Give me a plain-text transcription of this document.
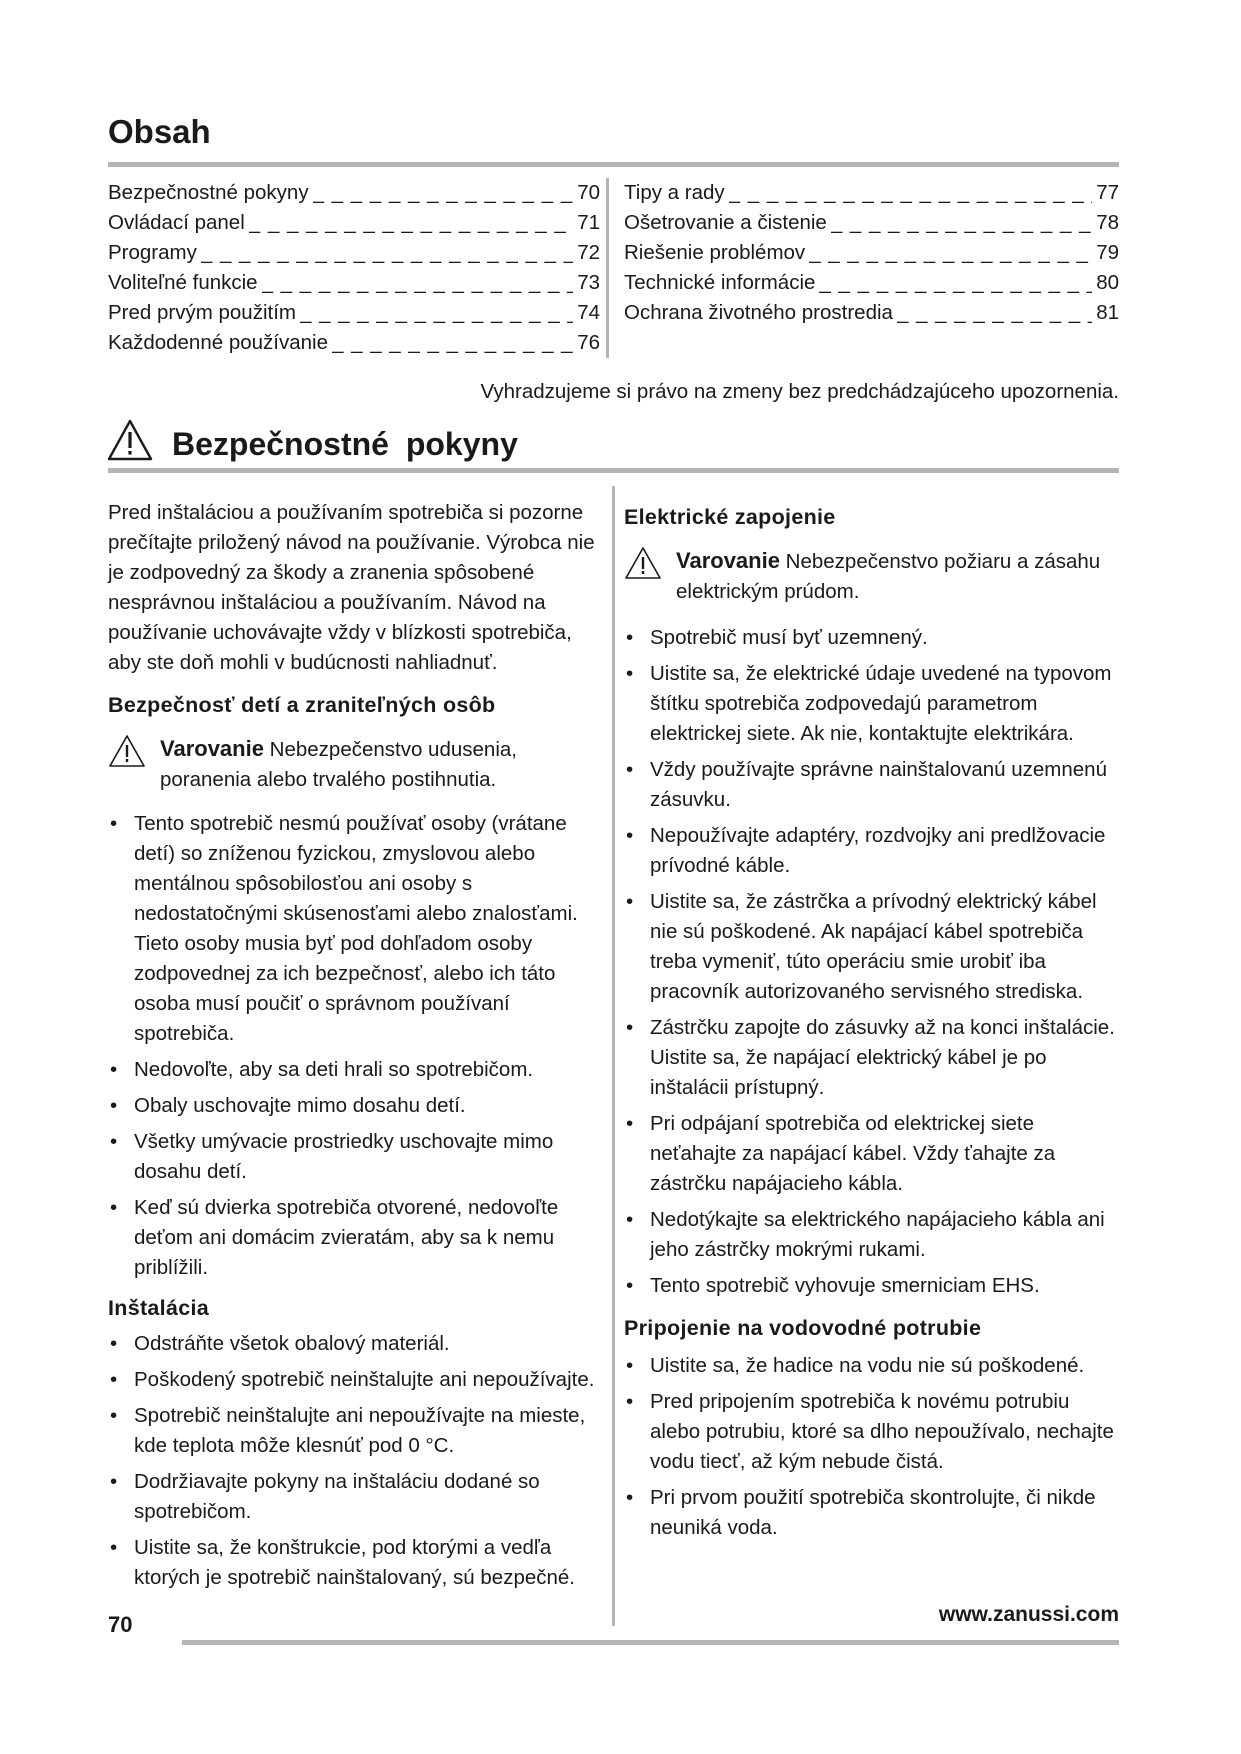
Obsah
Bezpečnostné pokyny _ _ _	70
Ovládací panel _ _ _	71
Programy _ _ _	72
Voliteľné funkcie _ _ _	73
Pred prvým použitím _ _ _	74
Každodenné používanie _ _ _	76
Tipy a rady _ _ _	77
Ošetrovanie a čistenie _ _ _	78
Riešenie problémov _ _ _	79
Technické informácie _ _ _	80
Ochrana životného prostredia _ _ _	81
Vyhradzujeme si právo na zmeny bez predchádzajúceho upozornenia.
Bezpečnostné pokyny

Pred inštaláciou a používaním spotrebiča si pozorne prečítajte priložený návod na používanie. Výrobca nie je zodpovedný za škody a zranenia spôsobené nesprávnou inštaláciou a používaním. Návod na používanie uchovávajte vždy v blízkosti spotrebiča, aby ste doň mohli v budúcnosti nahliadnuť.

Bezpečnosť detí a zraniteľných osôb
Varovanie Nebezpečenstvo udusenia, poranenia alebo trvalého postihnutia.
• Tento spotrebič nesmú používať osoby (vrátane detí) so zníženou fyzickou, zmyslovou alebo mentálnou spôsobilosťou ani osoby s nedostatočnými skúsenosťami alebo znalosťami. Tieto osoby musia byť pod dohľadom osoby zodpovednej za ich bezpečnosť, alebo ich táto osoba musí poučiť o správnom používaní spotrebiča.
• Nedovoľte, aby sa deti hrali so spotrebičom.
• Obaly uschovajte mimo dosahu detí.
• Všetky umývacie prostriedky uschovajte mimo dosahu detí.
• Keď sú dvierka spotrebiča otvorené, nedovoľte deťom ani domácim zvieratám, aby sa k nemu priblížili.
Inštalácia
• Odstráňte všetok obalový materiál.
• Poškodený spotrebič neinštalujte ani nepoužívajte.
• Spotrebič neinštalujte ani nepoužívajte na mieste, kde teplota môže klesnúť pod 0 °C.
• Dodržiavajte pokyny na inštaláciu dodané so spotrebičom.
• Uistite sa, že konštrukcie, pod ktorými a vedľa ktorých je spotrebič nainštalovaný, sú bezpečné.
Elektrické zapojenie
Varovanie Nebezpečenstvo požiaru a zásahu elektrickým prúdom.
• Spotrebič musí byť uzemnený.
• Uistite sa, že elektrické údaje uvedené na typovom štítku spotrebiča zodpovedajú parametrom elektrickej siete. Ak nie, kontaktujte elektrikára.
• Vždy používajte správne nainštalovanú uzemnenú zásuvku.
• Nepoužívajte adaptéry, rozdvojky ani predlžovacie prívodné káble.
• Uistite sa, že zástrčka a prívodný elektrický kábel nie sú poškodené. Ak napájací kábel spotrebiča treba vymeniť, túto operáciu smie urobiť iba pracovník autorizovaného servisného strediska.
• Zástrčku zapojte do zásuvky až na konci inštalácie. Uistite sa, že napájací elektrický kábel je po inštalácii prístupný.
• Pri odpájaní spotrebiča od elektrickej siete neťahajte za napájací kábel. Vždy ťahajte za zástrčku napájacieho kábla.
• Nedotýkajte sa elektrického napájacieho kábla ani jeho zástrčky mokrými rukami.
• Tento spotrebič vyhovuje smerniciam EHS.
Pripojenie na vodovodné potrubie
• Uistite sa, že hadice na vodu nie sú poškodené.
• Pred pripojením spotrebiča k novému potrubiu alebo potrubiu, ktoré sa dlho nepoužívalo, nechajte vodu tiecť, až kým nebude čistá.
• Pri prvom použití spotrebiča skontrolujte, či nikde neuniká voda.
70	www.zanussi.com
